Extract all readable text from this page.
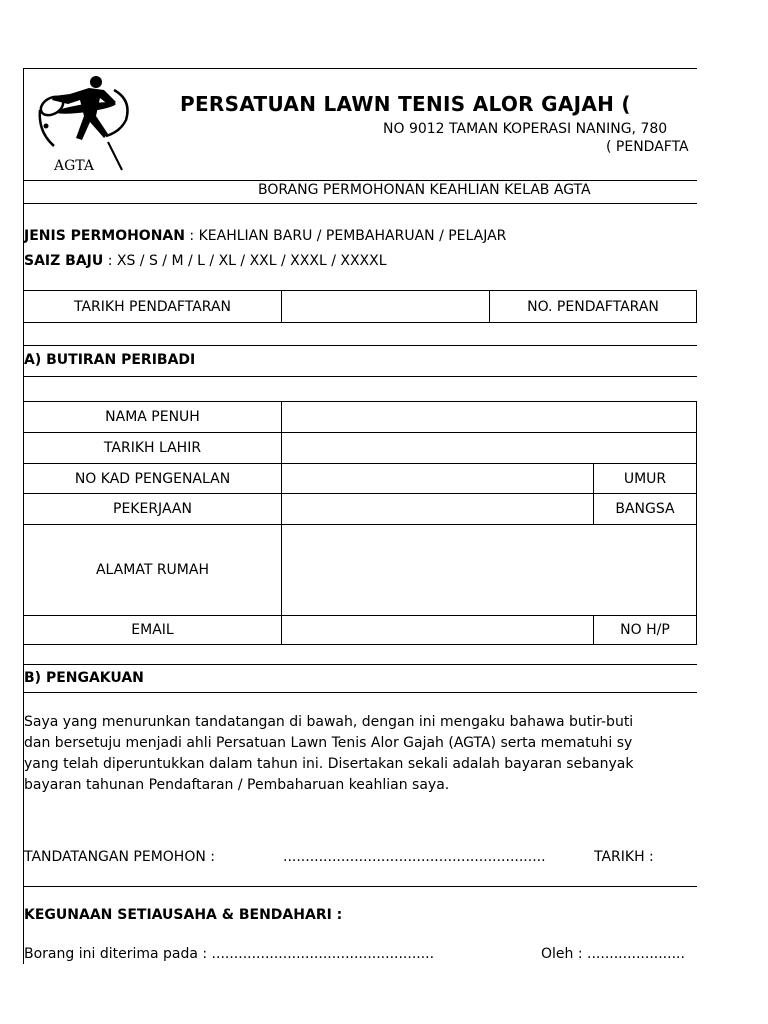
AGTA
PERSATUAN LAWN TENIS ALOR GAJAH (
NO 9012 TAMAN KOPERASI NANING, 780
( PENDAFTA
BORANG PERMOHONAN KEAHLIAN KELAB AGTA
JENIS PERMOHONAN : KEAHLIAN BARU / PEMBAHARUAN / PELAJAR
SAIZ BAJU : XS / S / M / L / XL / XXL / XXXL / XXXXL
TARIKH PENDAFTARAN	NO. PENDAFTARAN
A) BUTIRAN PERIBADI
NAMA PENUH
TARIKH LAHIR
NO KAD PENGENALAN	UMUR
PEKERJAAN	BANGSA
ALAMAT RUMAH
EMAIL	NO H/P
B) PENGAKUAN
Saya yang menurunkan tandatangan di bawah, dengan ini mengaku bahawa butir-buti
dan bersetuju menjadi ahli Persatuan Lawn Tenis Alor Gajah (AGTA) serta mematuhi sy
yang telah diperuntukkan dalam tahun ini. Disertakan sekali adalah bayaran sebanyak
bayaran tahunan Pendaftaran / Pembaharuan keahlian saya.
TANDATANGAN PEMOHON :	...........................................................	TARIKH :
KEGUNAAN SETIAUSAHA & BENDAHARI :
Borang ini diterima pada : ..................................................	Oleh : ......................
